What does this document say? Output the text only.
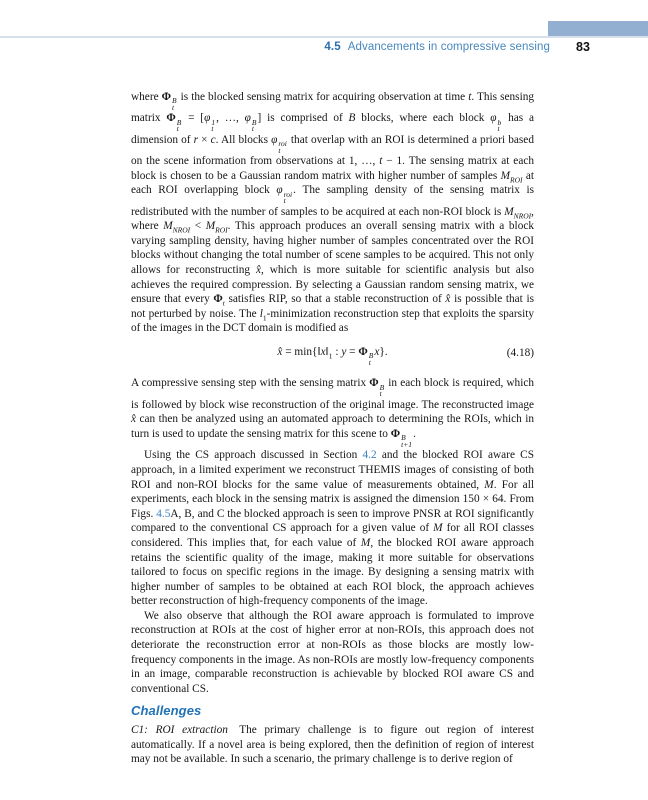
4.5 Advancements in compressive sensing 83

where Φ B
t
is the blocked sensing matrix for acquiring observation at time t. This sensing matrix Φ B
t
= [φ 1
t
, …, φ B
t
] is comprised of B blocks, where each block φ b
t
has a dimension of r × c. All blocks φ roi
t
that overlap with an ROI is determined a priori based on the scene information from observations at 1, …, t − 1. The sensing matrix at each block is chosen to be a Gaussian random matrix with higher number of samples $M_{ROI}$ at each ROI overlapping block φ roi
t
. The sampling density of the sensing matrix is redistributed with the number of samples to be acquired at each non-ROI block is $M_{NROI}$, where $M_{NROI} < M_{ROI}$. This approach produces an overall sensing matrix with a block varying sampling density, having higher number of samples concentrated over the ROI blocks without changing the total number of scene samples to be acquired. This not only allows for reconstructing x̂, which is more suitable for scientific analysis but also achieves the required compression. By selecting a Gaussian random sensing matrix, we ensure that every $\Phi_t$ satisfies RIP, so that a stable reconstruction of x̂ is possible that is not perturbed by noise. The $l_1$-minimization reconstruction step that exploits the sparsity of the images in the DCT domain is modified as

x̂ = $\min\{‖x‖_1$ : y = Φ B
t
x}.	(4.18)

A compressive sensing step with the sensing matrix Φ B
t
in each block is required, which is followed by block wise reconstruction of the original image. The reconstructed image x̂ can then be analyzed using an automated approach to determining the ROIs, which in turn is used to update the sensing matrix for this scene to Φ B
t+1
.

Using the CS approach discussed in Section 4.2 and the blocked ROI aware CS approach, in a limited experiment we reconstruct THEMIS images of consisting of both ROI and non-ROI blocks for the same value of measurements obtained, M. For all experiments, each block in the sensing matrix is assigned the dimension 150 × 64. From Figs. 4.5A, B, and C the blocked approach is seen to improve PNSR at ROI significantly compared to the conventional CS approach for a given value of M for all ROI classes considered. This implies that, for each value of M, the blocked ROI aware approach retains the scientific quality of the image, making it more suitable for observations tailored to focus on specific regions in the image. By designing a sensing matrix with higher number of samples to be obtained at each ROI block, the approach achieves better reconstruction of high-frequency components of the image.

We also observe that although the ROI aware approach is formulated to improve reconstruction at ROIs at the cost of higher error at non-ROIs, this approach does not deteriorate the reconstruction error at non-ROIs as those blocks are mostly low-frequency components in the image. As non-ROIs are mostly low-frequency components in an image, comparable reconstruction is achievable by blocked ROI aware CS and conventional CS.

Challenges

C1: ROI extraction The primary challenge is to figure out region of interest automatically. If a novel area is being explored, then the definition of region of interest may not be available. In such a scenario, the primary challenge is to derive region of
